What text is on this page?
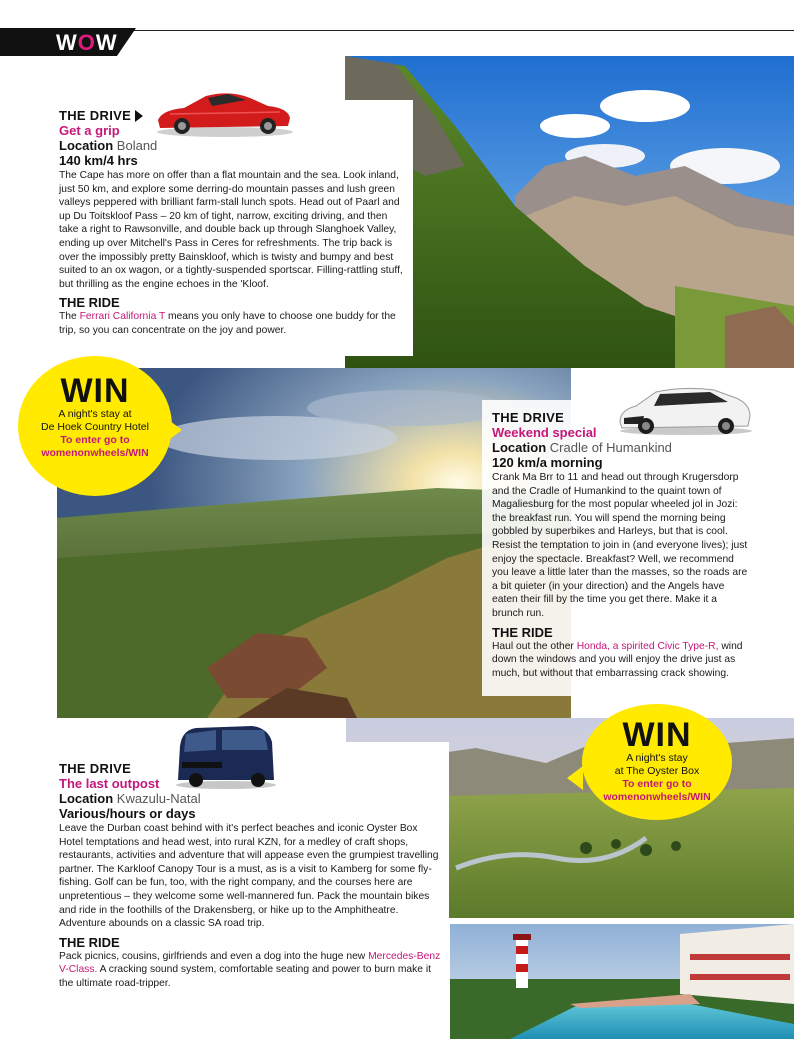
WOW
THE DRIVE
Get a grip
Location Boland
140 km/4 hrs
The Cape has more on offer than a flat mountain and the sea. Look inland, just 50 km, and explore some derring-do mountain passes and lush green valleys peppered with brilliant farm-stall lunch spots. Head out of Paarl and up Du Toitskloof Pass – 20 km of tight, narrow, exciting driving, and then take a right to Rawsonville, and double back up through Slanghoek Valley, ending up over Mitchell's Pass in Ceres for refreshments. The trip back is over the impossibly pretty Bainskloof, which is twisty and bumpy and best suited to an ox wagon, or a tightly-suspended sportscar. Filling-rattling stuff, but thrilling as the engine echoes in the 'Kloof.
THE RIDE
The Ferrari California T means you only have to choose one buddy for the trip, so you can concentrate on the joy and power.
THE DRIVE
Weekend special
Location Cradle of Humankind
120 km/a morning
Crank Ma Brr to 11 and head out through Krugersdorp and the Cradle of Humankind to the quaint town of Magaliesburg for the most popular wheeled jol in Jozi: the breakfast run. You will spend the morning being gobbled by superbikes and Harleys, but that is cool. Resist the temptation to join in (and everyone lives); just enjoy the spectacle. Breakfast? Well, we recommend you leave a little later than the masses, so the roads are a bit quieter (in your direction) and the Angels have eaten their fill by the time you get there. Make it a brunch run.
THE RIDE
Haul out the other Honda, a spirited Civic Type-R, wind down the windows and you will enjoy the drive just as much, but without that embarrassing crack showing.
WIN
A night's stay at
De Hoek Country Hotel
To enter go to
womenonwheels/WIN
WIN
A night's stay
at The Oyster Box
To enter go to
womenonwheels/WIN
THE DRIVE
The last outpost
Location Kwazulu-Natal
Various/hours or days
Leave the Durban coast behind with it's perfect beaches and iconic Oyster Box Hotel temptations and head west, into rural KZN, for a medley of craft shops, restaurants, activities and adventure that will appease even the grumpiest travelling partner. The Karkloof Canopy Tour is a must, as is a visit to Kamberg for some fly-fishing. Golf can be fun, too, with the right company, and the courses here are unpretentious – they welcome some well-mannered fun. Pack the mountain bikes and ride in the foothills of the Drakensberg, or hike up to the Amphitheatre. Adventure abounds on a classic SA road trip.
THE RIDE
Pack picnics, cousins, girlfriends and even a dog into the huge new Mercedes-Benz V-Class. A cracking sound system, comfortable seating and power to burn make it the ultimate road-tripper.
